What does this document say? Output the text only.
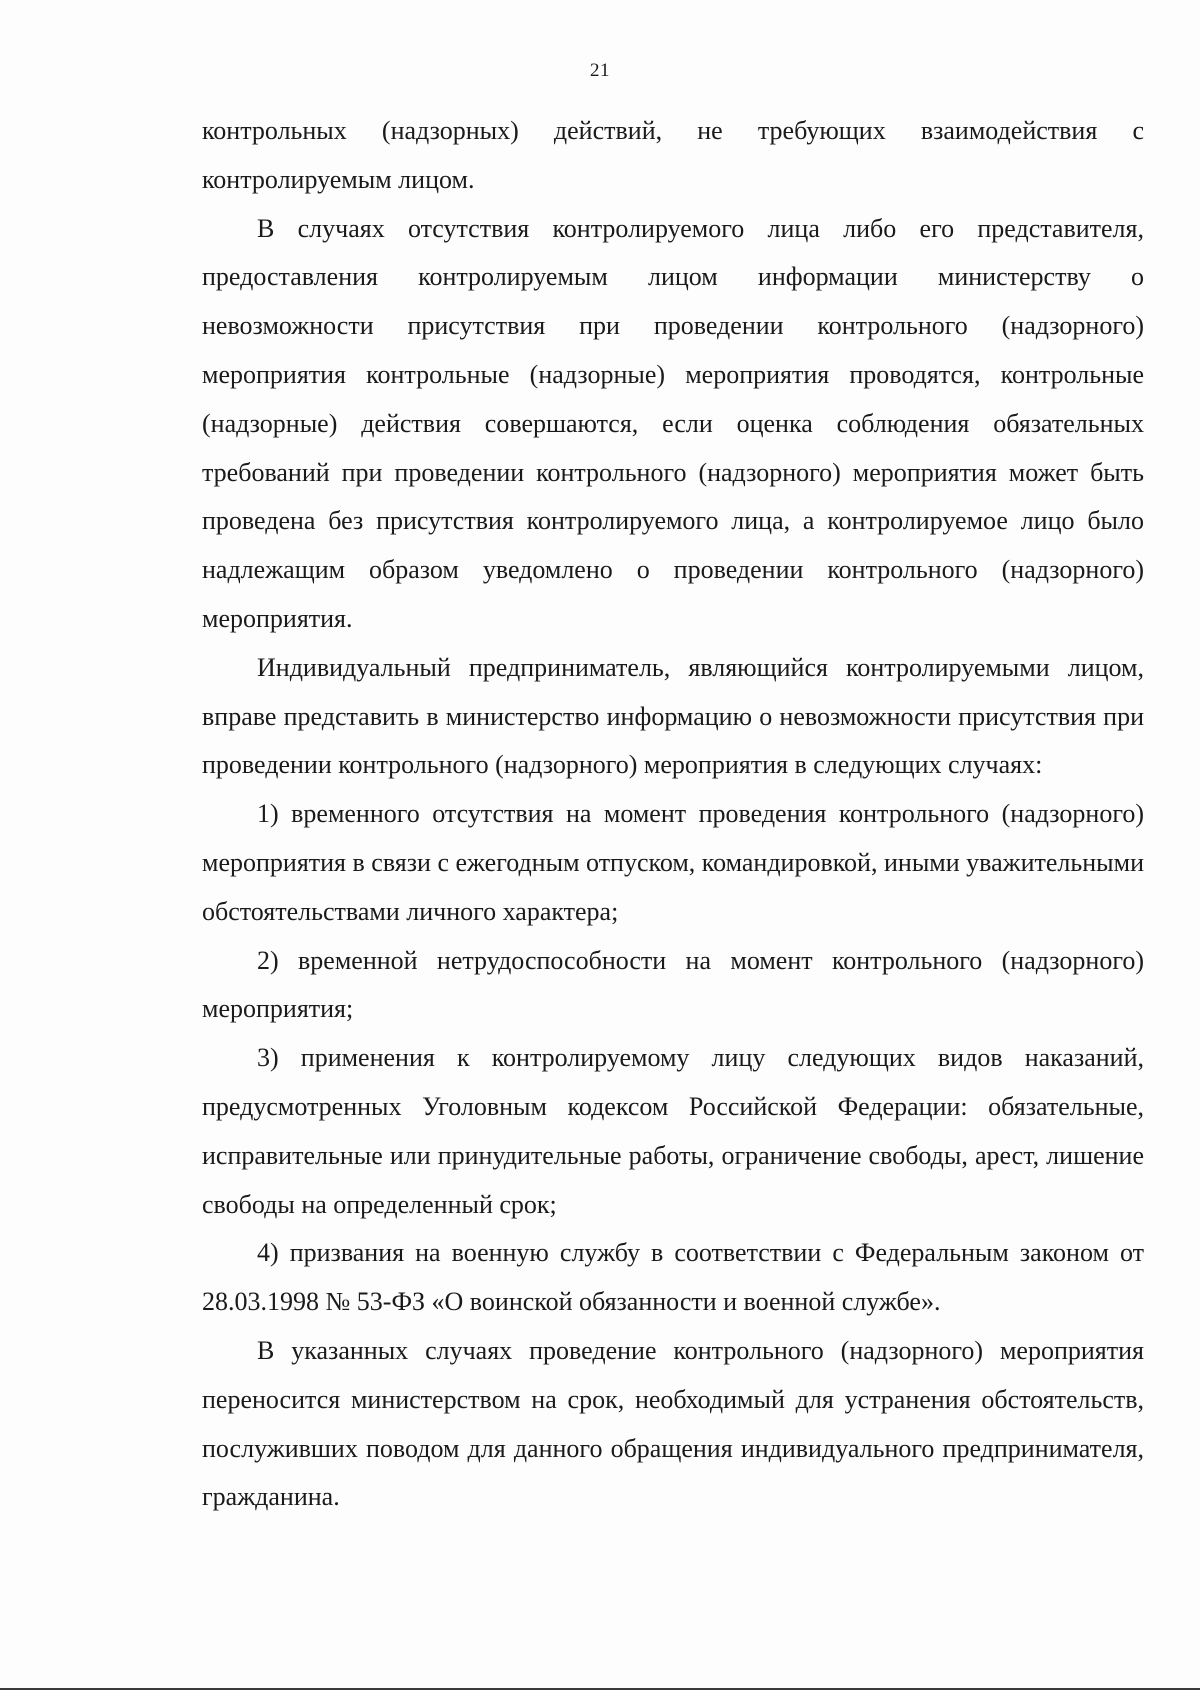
21

контрольных (надзорных) действий, не требующих взаимодействия с контролируемым лицом.

В случаях отсутствия контролируемого лица либо его представителя, предоставления контролируемым лицом информации министерству о невозможности присутствия при проведении контрольного (надзорного) мероприятия контрольные (надзорные) мероприятия проводятся, контрольные (надзорные) действия совершаются, если оценка соблюдения обязательных требований при проведении контрольного (надзорного) мероприятия может быть проведена без присутствия контролируемого лица, а контролируемое лицо было надлежащим образом уведомлено о проведении контрольного (надзорного) мероприятия.

Индивидуальный предприниматель, являющийся контролируемыми лицом, вправе представить в министерство информацию о невозможности присутствия при проведении контрольного (надзорного) мероприятия в следующих случаях:

1) временного отсутствия на момент проведения контрольного (надзорного) мероприятия в связи с ежегодным отпуском, командировкой, иными уважительными обстоятельствами личного характера;

2) временной нетрудоспособности на момент контрольного (надзорного) мероприятия;

3) применения к контролируемому лицу следующих видов наказаний, предусмотренных Уголовным кодексом Российской Федерации: обязательные, исправительные или принудительные работы, ограничение свободы, арест, лишение свободы на определенный срок;

4) призвания на военную службу в соответствии с Федеральным законом от 28.03.1998 № 53-ФЗ «О воинской обязанности и военной службе».

В указанных случаях проведение контрольного (надзорного) мероприятия переносится министерством на срок, необходимый для устранения обстоятельств, послуживших поводом для данного обращения индивидуального предпринимателя, гражданина.
